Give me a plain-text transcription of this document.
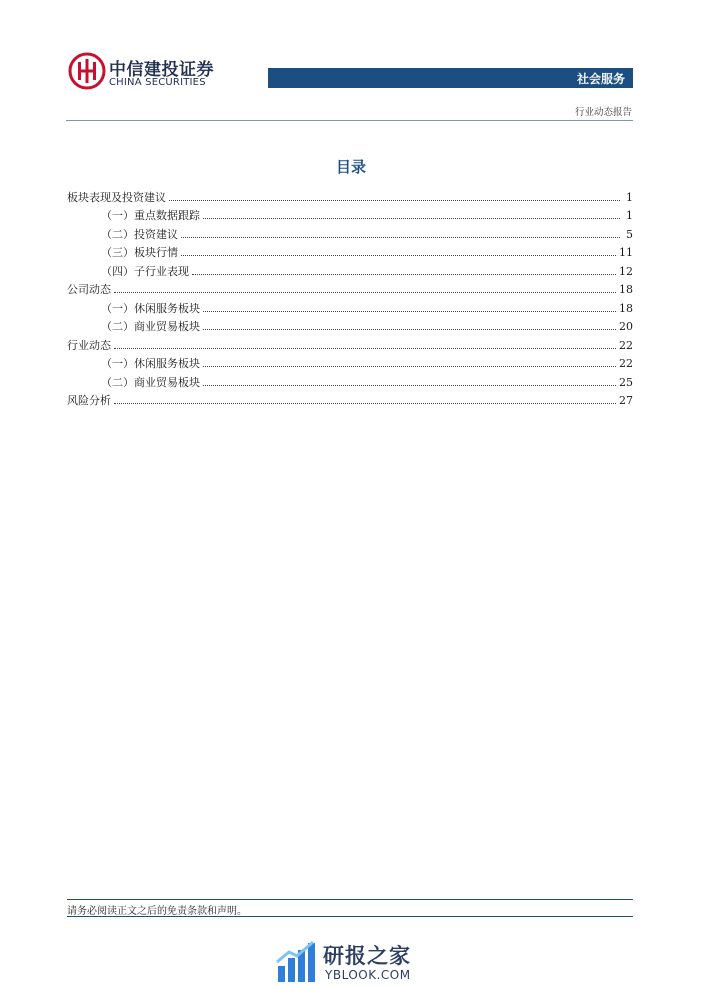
中信建投证券
CHINA SECURITIES	社会服务
行业动态报告
目录
板块表现及投资建议	1
（一）重点数据跟踪	1
（二）投资建议	5
（三）板块行情	11
（四）子行业表现	12
公司动态	18
（一）休闲服务板块	18
（二）商业贸易板块	20
行业动态	22
（一）休闲服务板块	22
（二）商业贸易板块	25
风险分析	27
请务必阅读正文之后的免责条款和声明。
研报之家
YBLOOK.COM
